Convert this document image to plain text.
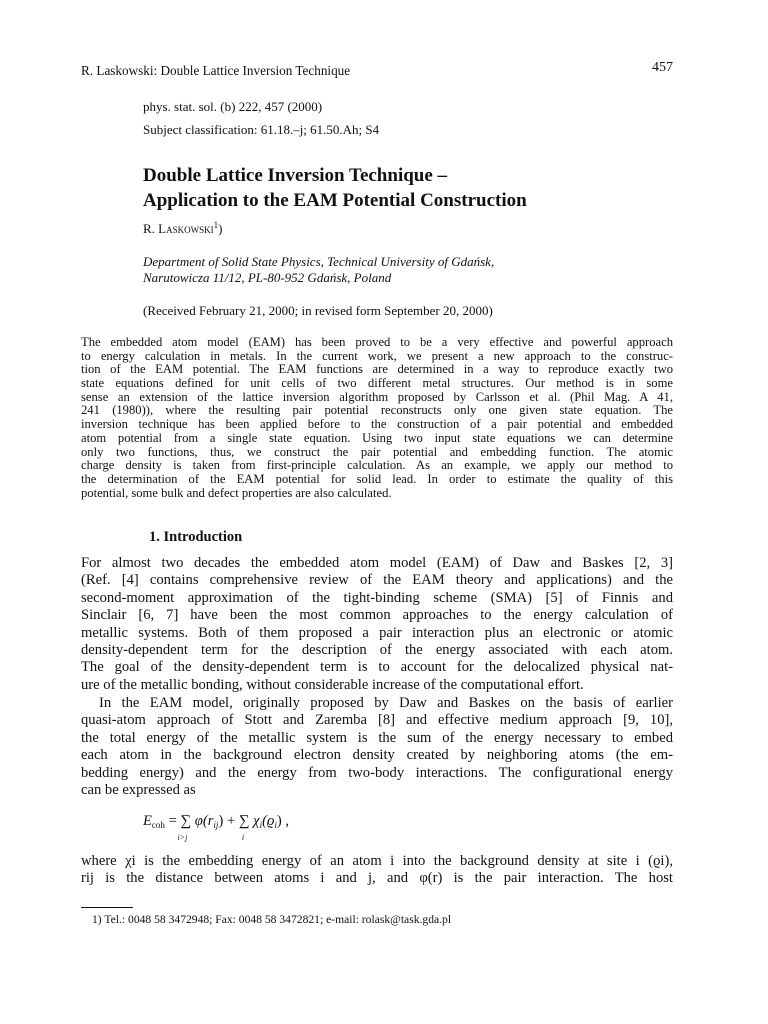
R. Laskowski: Double Lattice Inversion Technique	457
phys. stat. sol. (b) 222, 457 (2000)
Subject classification: 61.18.–j; 61.50.Ah; S4
Double Lattice Inversion Technique –
Application to the EAM Potential Construction
R. Laskowski$^1$)
Department of Solid State Physics, Technical University of Gdańsk,
Narutowicza 11/12, PL-80-952 Gdańsk, Poland
(Received February 21, 2000; in revised form September 20, 2000)
The embedded atom model (EAM) has been proved to be a very effective and powerful approach
to energy calculation in metals. In the current work, we present a new approach to the construc-
tion of the EAM potential. The EAM functions are determined in a way to reproduce exactly two
state equations defined for unit cells of two different metal structures. Our method is in some
sense an extension of the lattice inversion algorithm proposed by Carlsson et al. (Phil Mag. A 41,
241 (1980)), where the resulting pair potential reconstructs only one given state equation. The
inversion technique has been applied before to the construction of a pair potential and embedded
atom potential from a single state equation. Using two input state equations we can determine
only two functions, thus, we construct the pair potential and embedding function. The atomic
charge density is taken from first-principle calculation. As an example, we apply our method to
the determination of the EAM potential for solid lead. In order to estimate the quality of this
potential, some bulk and defect properties are also calculated.
1. Introduction
For almost two decades the embedded atom model (EAM) of Daw and Baskes [2, 3]
(Ref. [4] contains comprehensive review of the EAM theory and applications) and the
second-moment approximation of the tight-binding scheme (SMA) [5] of Finnis and
Sinclair [6, 7] have been the most common approaches to the energy calculation of
metallic systems. Both of them proposed a pair interaction plus an electronic or atomic
density-dependent term for the description of the energy associated with each atom.
The goal of the density-dependent term is to account for the delocalized physical nat-
ure of the metallic bonding, without considerable increase of the computational effort.
In the EAM model, originally proposed by Daw and Baskes on the basis of earlier
quasi-atom approach of Stott and Zaremba [8] and effective medium approach [9, 10],
the total energy of the metallic system is the sum of the energy necessary to embed
each atom in the background electron density created by neighboring atoms (the em-
bedding energy) and the energy from two-body interactions. The configurational energy
can be expressed as
$E_{coh}$ = ∑
i>j
$\varphi(r_{ij})$ + ∑
i
$\chi_i(ϱ_i)$ ,
where χi is the embedding energy of an atom i into the background density at site i (ϱi),
rij is the distance between atoms i and j, and φ(r) is the pair interaction. The host
1) Tel.: 0048 58 3472948; Fax: 0048 58 3472821; e-mail: rolask@task.gda.pl
